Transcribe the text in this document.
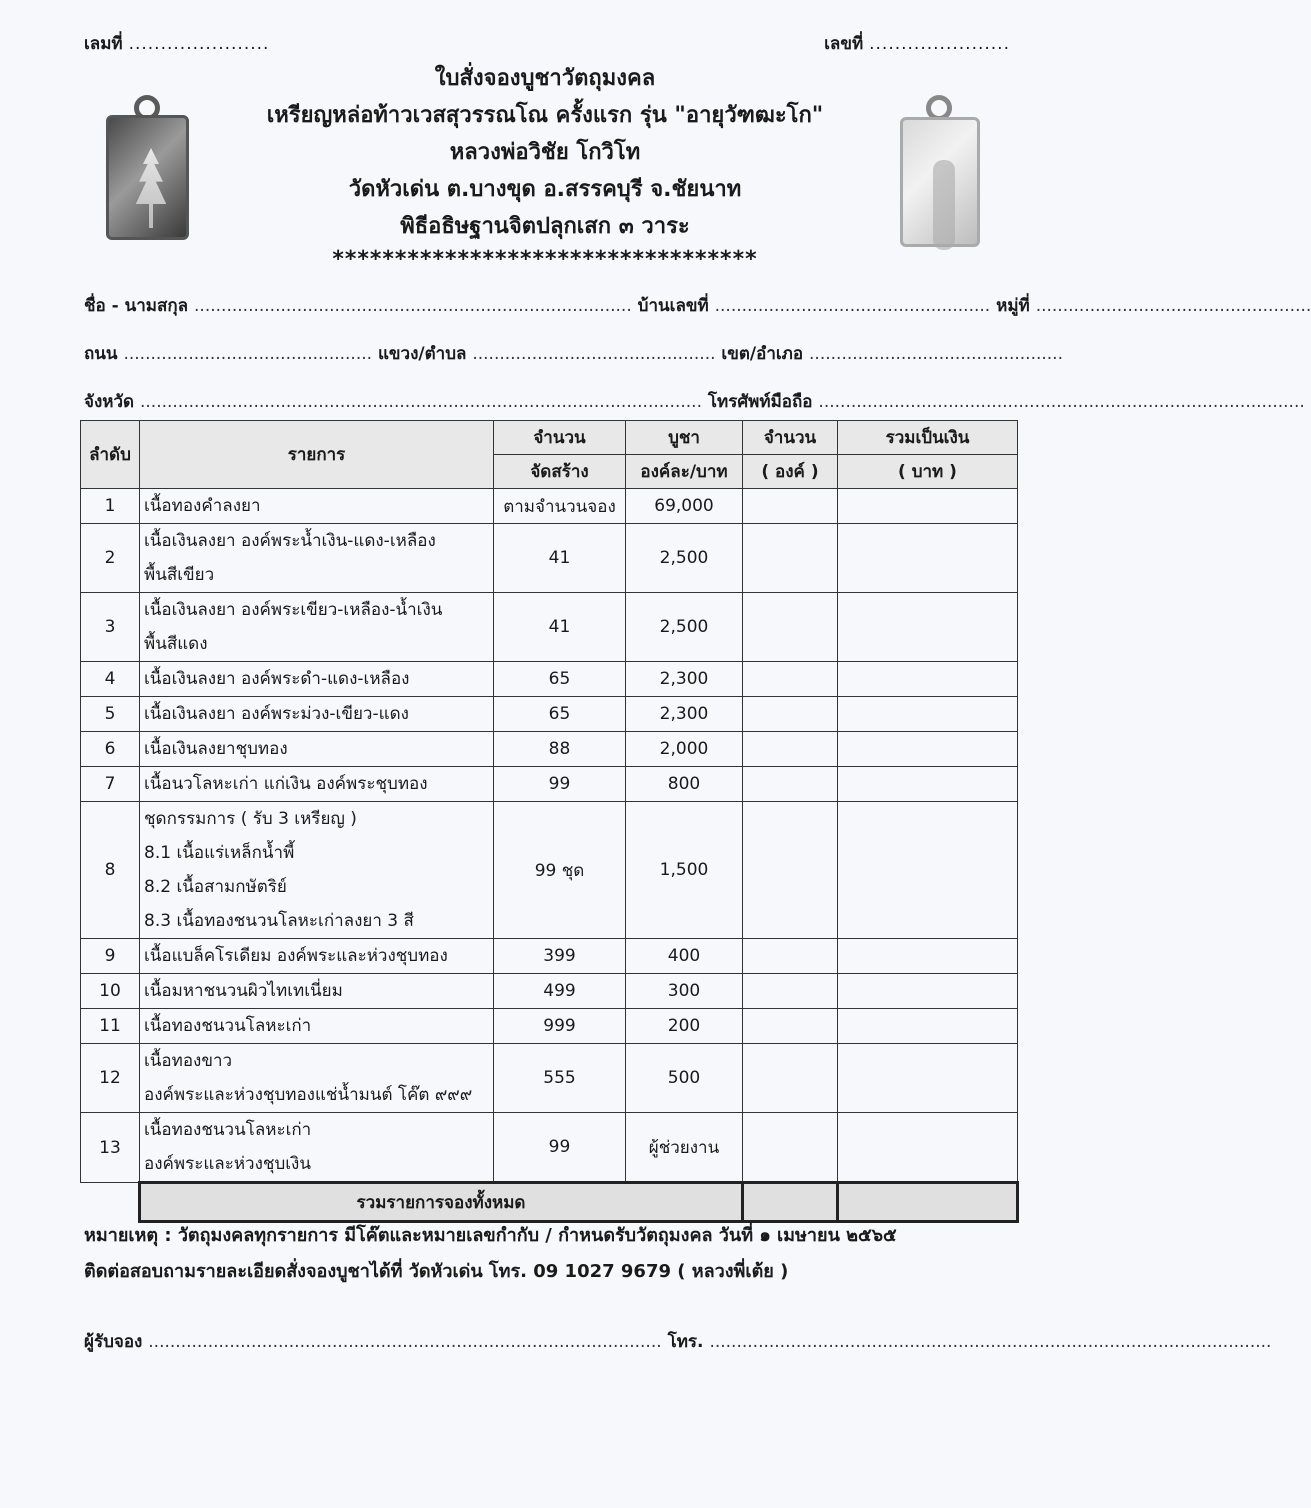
เลมที่ ......................	เลขที่ ......................
ใบสั่งจองบูชาวัตถุมงคล
เหรียญหล่อท้าวเวสสุวรรณโณ ครั้งแรก รุ่น "อายุวัฑฒะโก"
หลวงพ่อวิชัย โกวิโท
วัดหัวเด่น ต.บางขุด อ.สรรคบุรี จ.ชัยนาท
พิธีอธิษฐานจิตปลุกเสก ๓ วาระ
**********************************
ชื่อ - นามสกุล ................................................................................. บ้านเลขที่ ................................................... หมู่ที่ ...................................................
ถนน .............................................. แขวง/ตำบล ............................................. เขต/อำเภอ ...............................................
จังหวัด ........................................................................................................ โทรศัพท์มือถือ ..........................................................................................
ลำดับ	รายการ	จำนวน	บูชา	จำนวน	รวมเป็นเงิน
		จัดสร้าง	องค์ละ/บาท	( องค์ )	( บาท )
1	เนื้อทองคำลงยา	ตามจำนวนจอง	69,000		
2	เนื้อเงินลงยา องค์พระน้ำเงิน-แดง-เหลือง
พื้นสีเขียว	41	2,500		
3	เนื้อเงินลงยา องค์พระเขียว-เหลือง-น้ำเงิน
พื้นสีแดง	41	2,500		
4	เนื้อเงินลงยา องค์พระดำ-แดง-เหลือง	65	2,300		
5	เนื้อเงินลงยา องค์พระม่วง-เขียว-แดง	65	2,300		
6	เนื้อเงินลงยาชุบทอง	88	2,000		
7	เนื้อนวโลหะเก่า แก่เงิน องค์พระชุบทอง	99	800		
8	ชุดกรรมการ ( รับ 3 เหรียญ )
8.1 เนื้อแร่เหล็กน้ำพี้
8.2 เนื้อสามกษัตริย์
8.3 เนื้อทองชนวนโลหะเก่าลงยา 3 สี	99 ชุด	1,500		
9	เนื้อแบล็คโรเดียม องค์พระและห่วงชุบทอง	399	400		
10	เนื้อมหาชนวนผิวไทเทเนี่ยม	499	300		
11	เนื้อทองชนวนโลหะเก่า	999	200		
12	เนื้อทองขาว
องค์พระและห่วงชุบทองแช่น้ำมนต์ โค๊ต ๙๙๙	555	500		
13	เนื้อทองชนวนโลหะเก่า
องค์พระและห่วงชุบเงิน	99	ผู้ช่วยงาน		
	รวมรายการจองทั้งหมด				
หมายเหตุ : วัตถุมงคลทุกรายการ มีโค๊ตและหมายเลขกำกับ / กำหนดรับวัตถุมงคล วันที่ ๑ เมษายน ๒๕๖๕
ติดต่อสอบถามรายละเอียดสั่งจองบูชาได้ที่ วัดหัวเด่น โทร. 09 1027 9679 ( หลวงพี่เต้ย )
ผู้รับจอง ............................................................................................... โทร. ........................................................................................................
